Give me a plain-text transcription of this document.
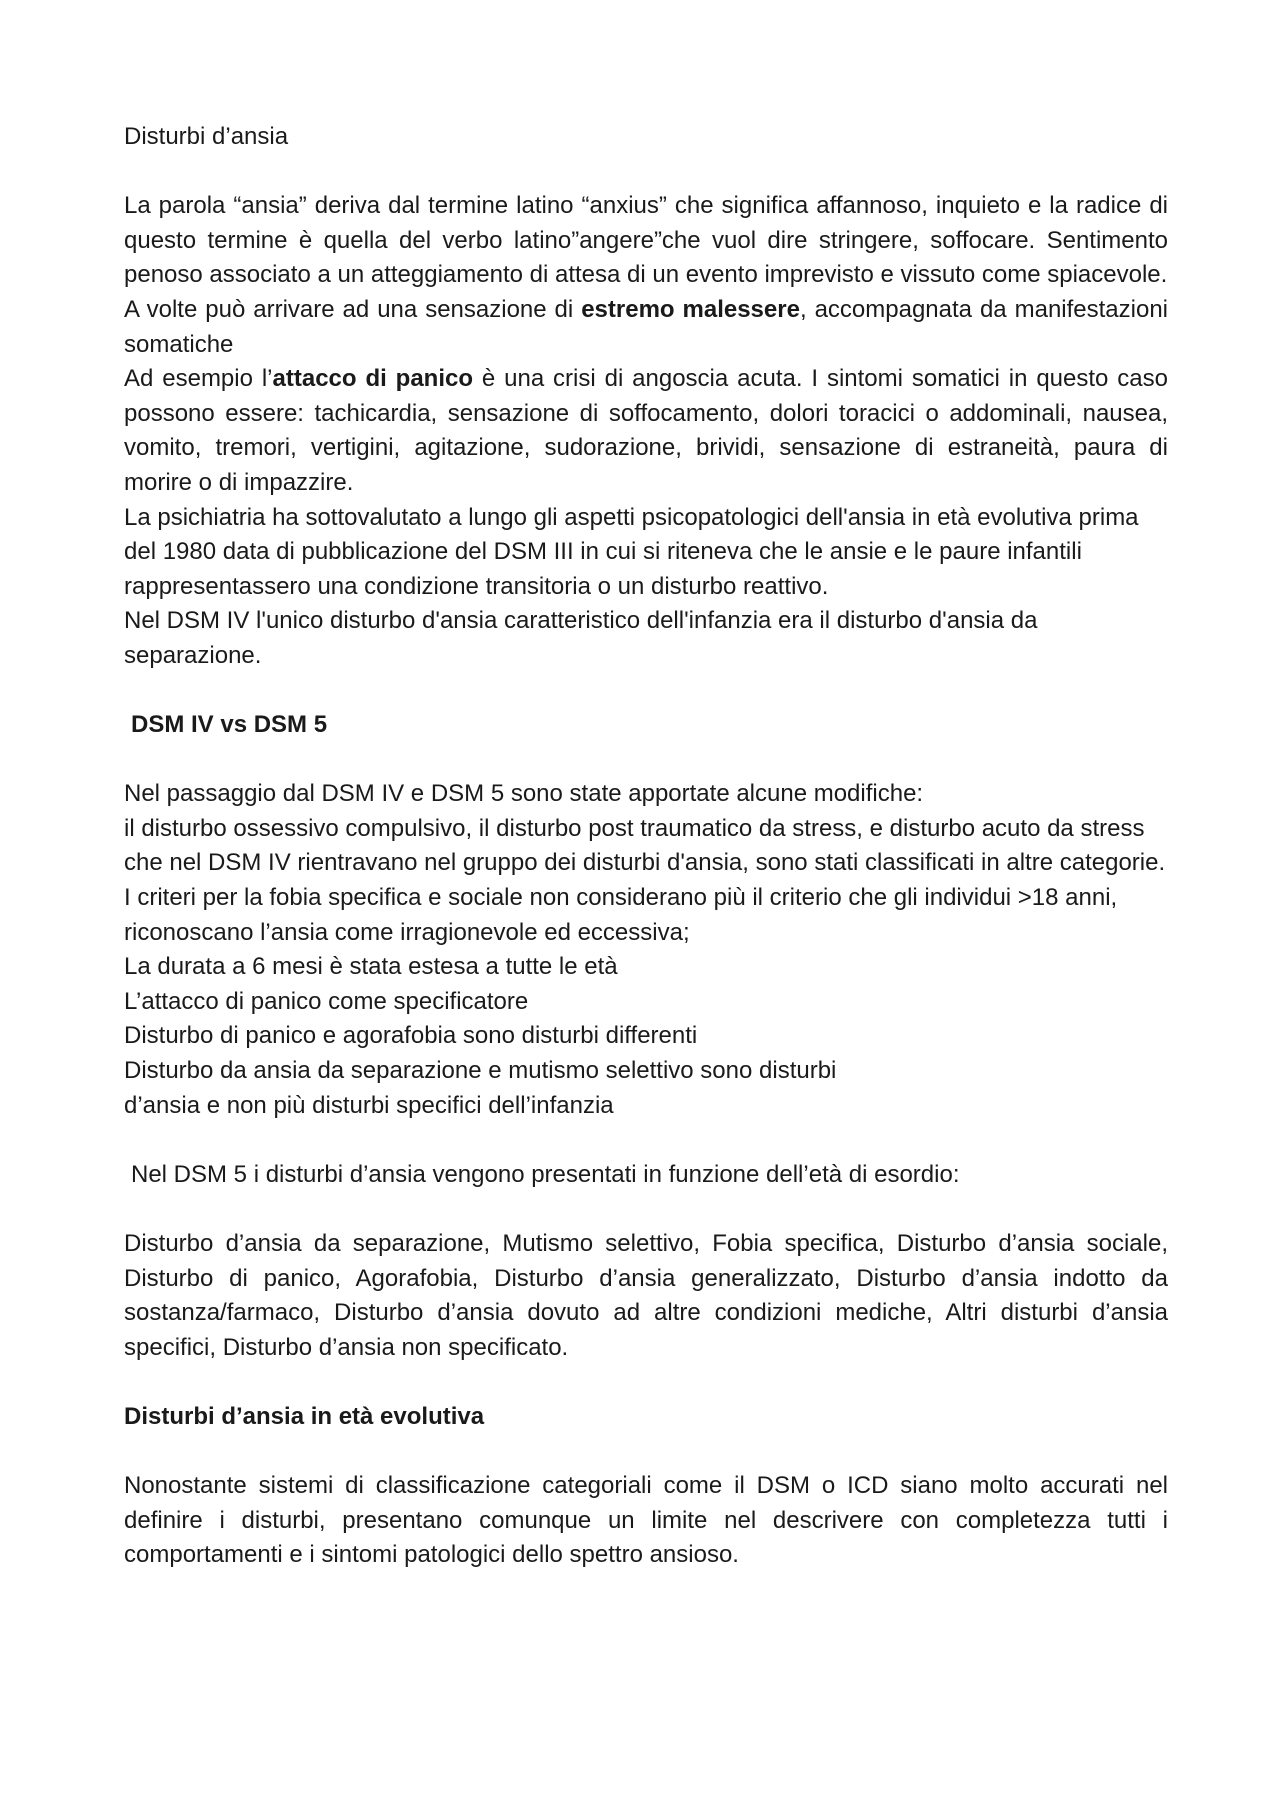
Disturbi d’ansia

La parola “ansia” deriva dal termine latino “anxius” che significa affannoso, inquieto e la radice di questo termine è quella del verbo latino”angere”che vuol dire stringere, soffocare. Sentimento penoso associato a un atteggiamento di attesa di un evento imprevisto e vissuto come spiacevole.

A volte può arrivare ad una sensazione di estremo malessere, accompagnata da manifestazioni somatiche

Ad esempio l’attacco di panico è una crisi di angoscia acuta. I sintomi somatici in questo caso possono essere: tachicardia, sensazione di soffocamento, dolori toracici o addominali, nausea, vomito, tremori, vertigini, agitazione, sudorazione, brividi, sensazione di estraneità, paura di morire o di impazzire.

La psichiatria ha sottovalutato a lungo gli aspetti psicopatologici dell'ansia in età evolutiva prima del 1980 data di pubblicazione del DSM III in cui si riteneva che le ansie e le paure infantili rappresentassero una condizione transitoria o un disturbo reattivo.

Nel DSM IV l'unico disturbo d'ansia caratteristico dell'infanzia era il disturbo d'ansia da separazione.

DSM IV vs DSM 5

Nel passaggio dal DSM IV e DSM 5 sono state apportate alcune modifiche:

il disturbo ossessivo compulsivo, il disturbo post traumatico da stress, e disturbo acuto da stress che nel DSM IV rientravano nel gruppo dei disturbi d'ansia, sono stati classificati in altre categorie. I criteri per la fobia specifica e sociale non considerano più il criterio che gli individui >18 anni, riconoscano l’ansia come irragionevole ed eccessiva;

La durata a 6 mesi è stata estesa a tutte le età

L’attacco di panico come specificatore

Disturbo di panico e agorafobia sono disturbi differenti

Disturbo da ansia da separazione e mutismo selettivo sono disturbi

d’ansia e non più disturbi specifici dell’infanzia

Nel DSM 5 i disturbi d’ansia vengono presentati in funzione dell’età di esordio:

Disturbo d’ansia da separazione, Mutismo selettivo, Fobia specifica, Disturbo d’ansia sociale, Disturbo di panico, Agorafobia, Disturbo d’ansia generalizzato, Disturbo d’ansia indotto da sostanza/farmaco, Disturbo d’ansia dovuto ad altre condizioni mediche, Altri disturbi d’ansia specifici, Disturbo d’ansia non specificato.

Disturbi d’ansia in età evolutiva

Nonostante sistemi di classificazione categoriali come il DSM o ICD siano molto accurati nel definire i disturbi, presentano comunque un limite nel descrivere con completezza tutti i comportamenti e i sintomi patologici dello spettro ansioso.
